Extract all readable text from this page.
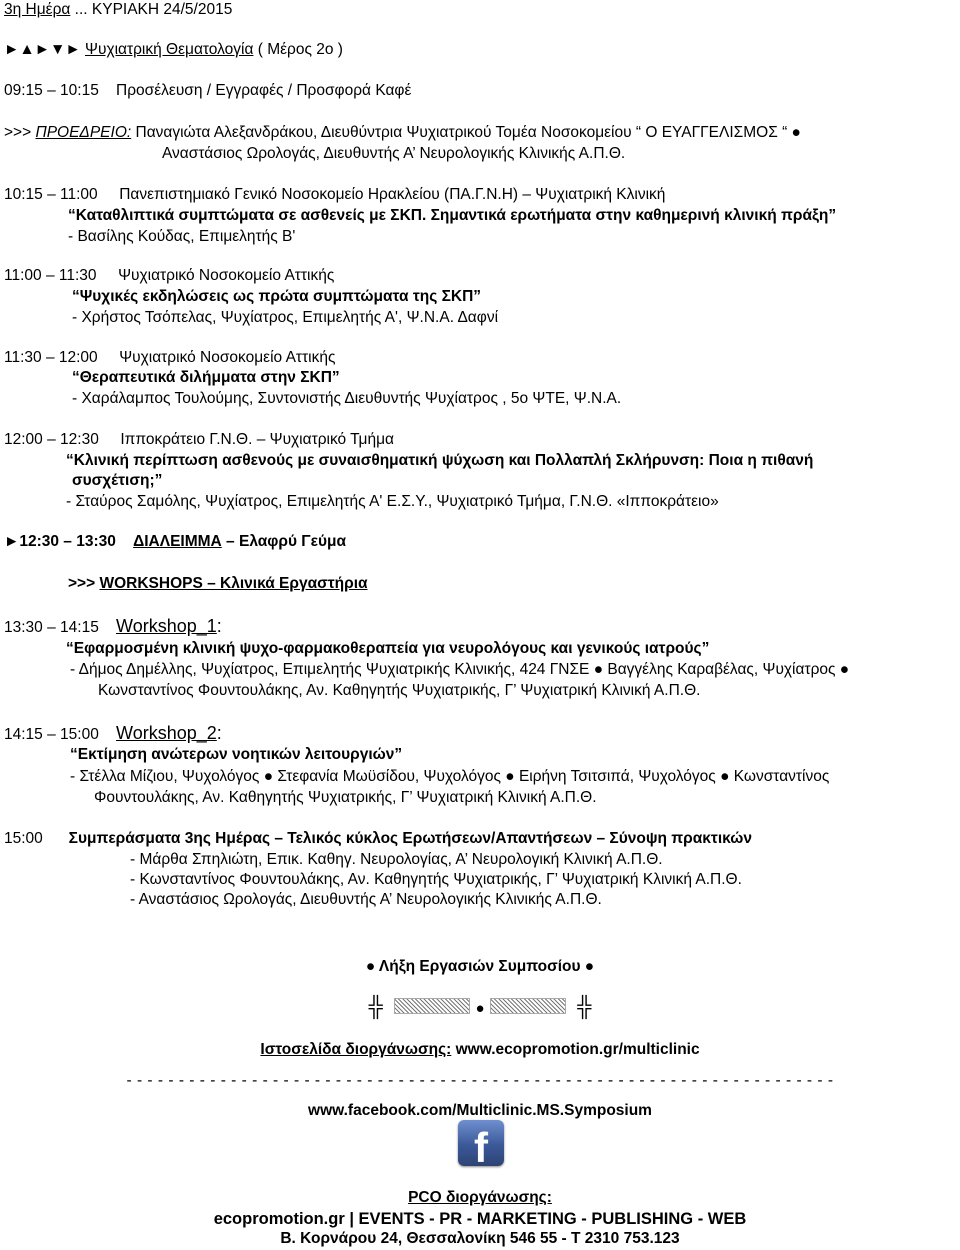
3η Ημέρα ... ΚΥΡΙΑΚΗ 24/5/2015
►▲►▼► Ψυχιατρική Θεματολογία ( Μέρος 2ο )
09:15 – 10:15 Προσέλευση / Εγγραφές / Προσφορά Καφέ
>>> ΠΡΟΕΔΡΕΙΟ: Παναγιώτα Αλεξανδράκου, Διευθύντρια Ψυχιατρικού Τομέα Νοσοκομείου “ Ο ΕΥΑΓΓΕΛΙΣΜΟΣ “ ●
Αναστάσιος Ωρολογάς, Διευθυντής Α’ Νευρολογικής Κλινικής Α.Π.Θ.
10:15 – 11:00 Πανεπιστημιακό Γενικό Νοσοκομείο Ηρακλείου (ΠΑ.Γ.Ν.Η) – Ψυχιατρική Κλινική
“Καταθλιπτικά συμπτώματα σε ασθενείς με ΣΚΠ. Σημαντικά ερωτήματα στην καθημερινή κλινική πράξη”
- Βασίλης Κούδας, Επιμελητής Β'
11:00 – 11:30 Ψυχιατρικό Νοσοκομείο Αττικής
“Ψυχικές εκδηλώσεις ως πρώτα συμπτώματα της ΣΚΠ”
- Χρήστος Τσόπελας, Ψυχίατρος, Επιμελητής Α', Ψ.Ν.Α. Δαφνί
11:30 – 12:00 Ψυχιατρικό Νοσοκομείο Αττικής
“Θεραπευτικά διλήμματα στην ΣΚΠ”
- Χαράλαμπος Τουλούμης, Συντονιστής Διευθυντής Ψυχίατρος , 5ο ΨΤΕ, Ψ.Ν.Α.
12:00 – 12:30 Ιπποκράτειο Γ.Ν.Θ. – Ψυχιατρικό Τμήμα
“Κλινική περίπτωση ασθενούς με συναισθηματική ψύχωση και Πολλαπλή Σκλήρυνση: Ποια η πιθανή
συσχέτιση;”
- Σταύρος Σαμόλης, Ψυχίατρος, Επιμελητής Α' Ε.Σ.Υ., Ψυχιατρικό Τμήμα, Γ.Ν.Θ. «Ιπποκράτειο»
►12:30 – 13:30 ΔΙΑΛΕΙΜΜΑ – Ελαφρύ Γεύμα
>>> WORKSHOPS – Κλινικά Εργαστήρια
13:30 – 14:15 Workshop_1:
“Εφαρμοσμένη κλινική ψυχο-φαρμακοθεραπεία για νευρολόγους και γενικούς ιατρούς”
- Δήμος Δημέλλης, Ψυχίατρος, Επιμελητής Ψυχιατρικής Κλινικής, 424 ΓΝΣΕ ● Βαγγέλης Καραβέλας, Ψυχίατρος ●
Κωνσταντίνος Φουντουλάκης, Αν. Καθηγητής Ψυχιατρικής, Γ’ Ψυχιατρική Κλινική Α.Π.Θ.
14:15 – 15:00 Workshop_2:
“Εκτίμηση ανώτερων νοητικών λειτουργιών”
- Στέλλα Μίζιου, Ψυχολόγος ● Στεφανία Μωϋσίδου, Ψυχολόγος ● Ειρήνη Τσιτσιπά, Ψυχολόγος ● Κωνσταντίνος
Φουντουλάκης, Αν. Καθηγητής Ψυχιατρικής, Γ’ Ψυχιατρική Κλινική Α.Π.Θ.
15:00 Συμπεράσματα 3ης Ημέρας – Τελικός κύκλος Ερωτήσεων/Απαντήσεων – Σύνοψη πρακτικών
- Μάρθα Σπηλιώτη, Επικ. Καθηγ. Νευρολογίας, Α’ Νευρολογική Κλινική Α.Π.Θ.
- Κωνσταντίνος Φουντουλάκης, Αν. Καθηγητής Ψυχιατρικής, Γ’ Ψυχιατρική Κλινική Α.Π.Θ.
- Αναστάσιος Ωρολογάς, Διευθυντής Α’ Νευρολογικής Κλινικής Α.Π.Θ.
● Λήξη Εργασιών Συμποσίου ●
╬	●	╬
Ιστοσελίδα διοργάνωσης: www.ecopromotion.gr/multiclinic
- - - - - - - - - - - - - - - - - - - - - - - - - - - - - - - - - - - - - - - - - - - - - - - - - - - - - - - - - - - - - - - - - - - -
www.facebook.com/Multiclinic.MS.Symposium
f
PCO διοργάνωσης:
ecopromotion.gr | EVENTS - PR - MARKETING - PUBLISHING - WEB
Β. Κορνάρου 24, Θεσσαλονίκη 546 55 - Τ 2310 753.123
